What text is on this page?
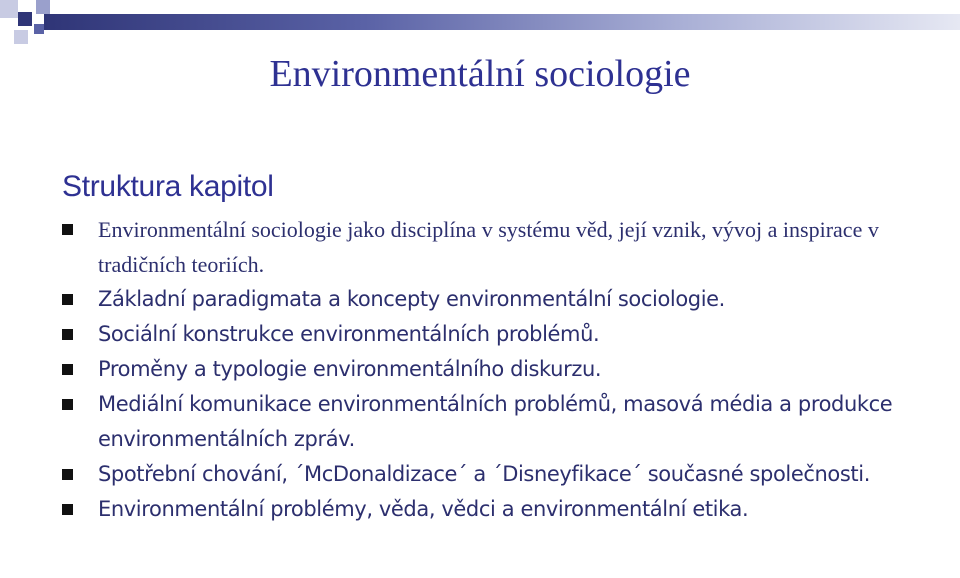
Environmentální sociologie
Struktura kapitol
Environmentální sociologie jako disciplína v systému věd, její vznik, vývoj a inspirace v tradičních teoriích.
Základní paradigmata a koncepty environmentální sociologie.
Sociální konstrukce environmentálních problémů.
Proměny a typologie environmentálního diskurzu.
Mediální komunikace environmentálních problémů, masová média a produkce environmentálních zpráv.
Spotřební chování, ´McDonaldizace´ a ´Disneyfikace´ současné společnosti.
Environmentální problémy, věda, vědci a environmentální etika.
